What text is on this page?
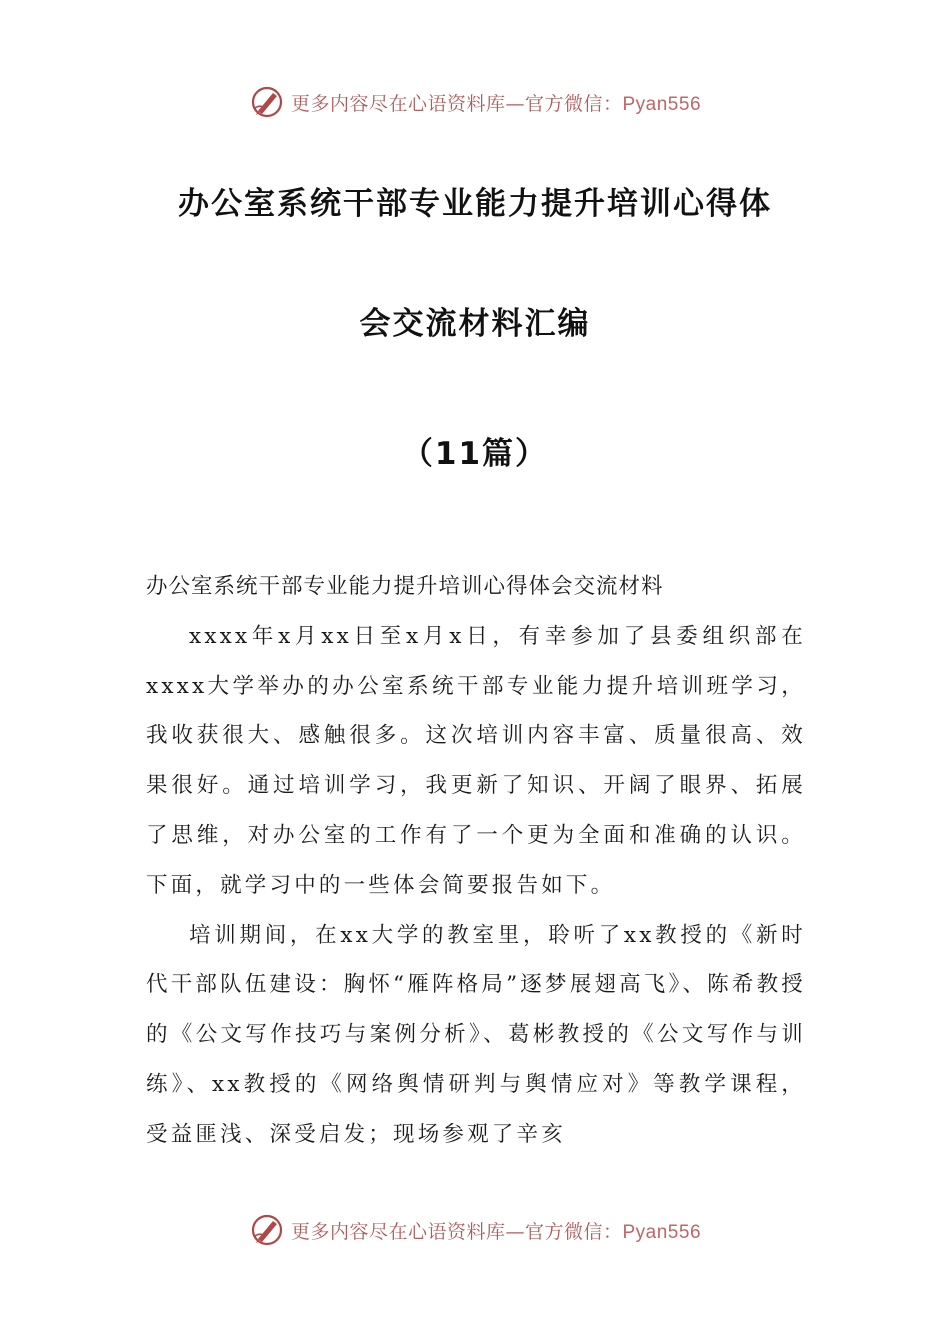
更多内容尽在心语资料库—官方微信：Pyan556
办公室系统干部专业能力提升培训心得体
会交流材料汇编
（11篇）

办公室系统干部专业能力提升培训心得体会交流材料

xxxx年x月xx日至x月x日，有幸参加了县委组织部在xxxx大学举办的办公室系统干部专业能力提升培训班学习，我收获很大、感触很多。这次培训内容丰富、质量很高、效果很好。通过培训学习，我更新了知识、开阔了眼界、拓展了思维，对办公室的工作有了一个更为全面和准确的认识。下面，就学习中的一些体会简要报告如下。

培训期间，在xx大学的教室里，聆听了xx教授的《新时代干部队伍建设：胸怀“雁阵格局”逐梦展翅高飞》、陈希教授的《公文写作技巧与案例分析》、葛彬教授的《公文写作与训练》、xx教授的《网络舆情研判与舆情应对》等教学课程，受益匪浅、深受启发；现场参观了辛亥

更多内容尽在心语资料库—官方微信：Pyan556
